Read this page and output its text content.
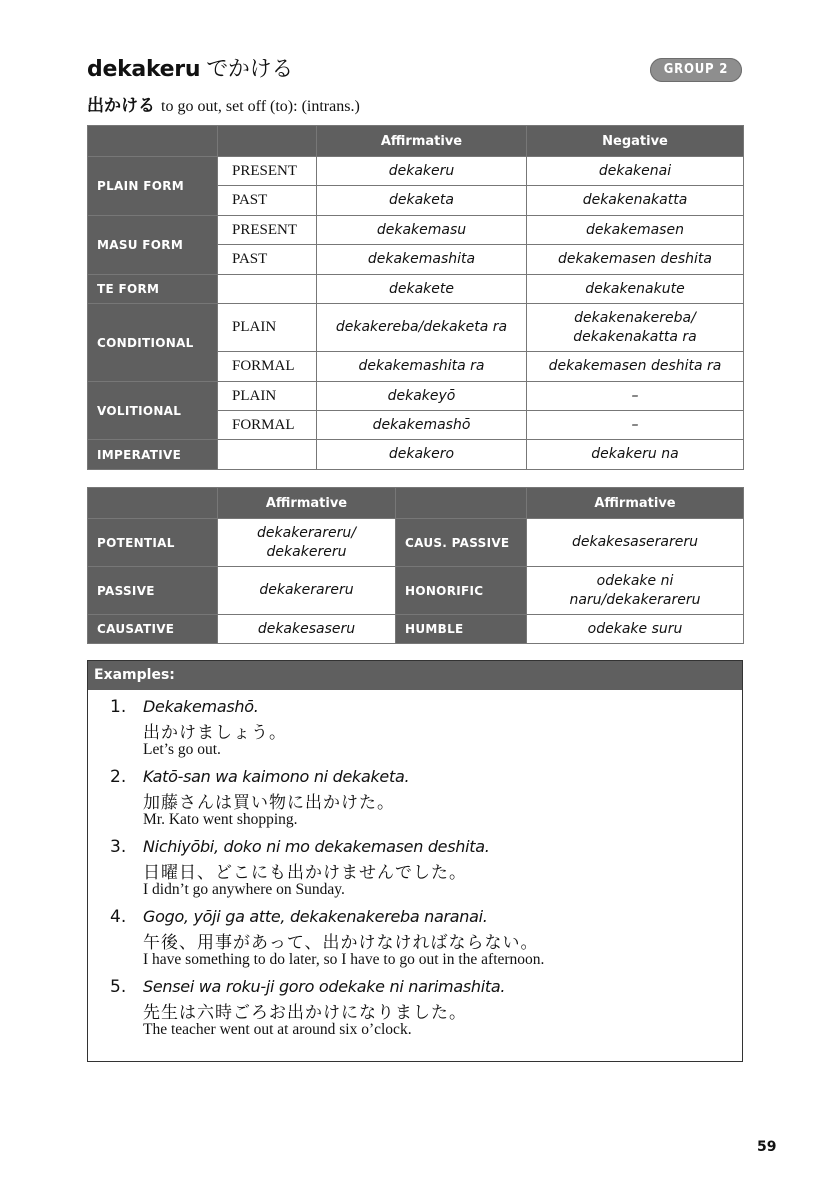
dekakeru でかける	GROUP 2
出かける to go out, set off (to): (intrans.)
		Affirmative	Negative
PLAIN FORM	PRESENT	dekakeru	dekakenai
	PAST	dekaketa	dekakenakatta
MASU FORM	PRESENT	dekakemasu	dekakemasen
	PAST	dekakemashita	dekakemasen deshita
TE FORM		dekakete	dekakenakute
CONDITIONAL	PLAIN	dekakereba/dekaketa ra	dekakenakereba/
dekakenakatta ra
	FORMAL	dekakemashita ra	dekakemasen deshita ra
VOLITIONAL	PLAIN	dekakeyō	–
	FORMAL	dekakemashō	–
IMPERATIVE		dekakero	dekakeru na
	Affirmative		Affirmative
POTENTIAL	dekakerareru/
dekakereru	CAUS. PASSIVE	dekakesaserareru
PASSIVE	dekakerareru	HONORIFIC	odekake ni
naru/dekakerareru
CAUSATIVE	dekakesaseru	HUMBLE	odekake suru
Examples:
1. Dekakemashō.
出かけましょう。
Let’s go out.
2. Katō-san wa kaimono ni dekaketa.
加藤さんは買い物に出かけた。
Mr. Kato went shopping.
3. Nichiyōbi, doko ni mo dekakemasen deshita.
日曜日、どこにも出かけませんでした。
I didn’t go anywhere on Sunday.
4. Gogo, yōji ga atte, dekakenakereba naranai.
午後、用事があって、出かけなければならない。
I have something to do later, so I have to go out in the afternoon.
5. Sensei wa roku-ji goro odekake ni narimashita.
先生は六時ごろお出かけになりました。
The teacher went out at around six o’clock.
59
